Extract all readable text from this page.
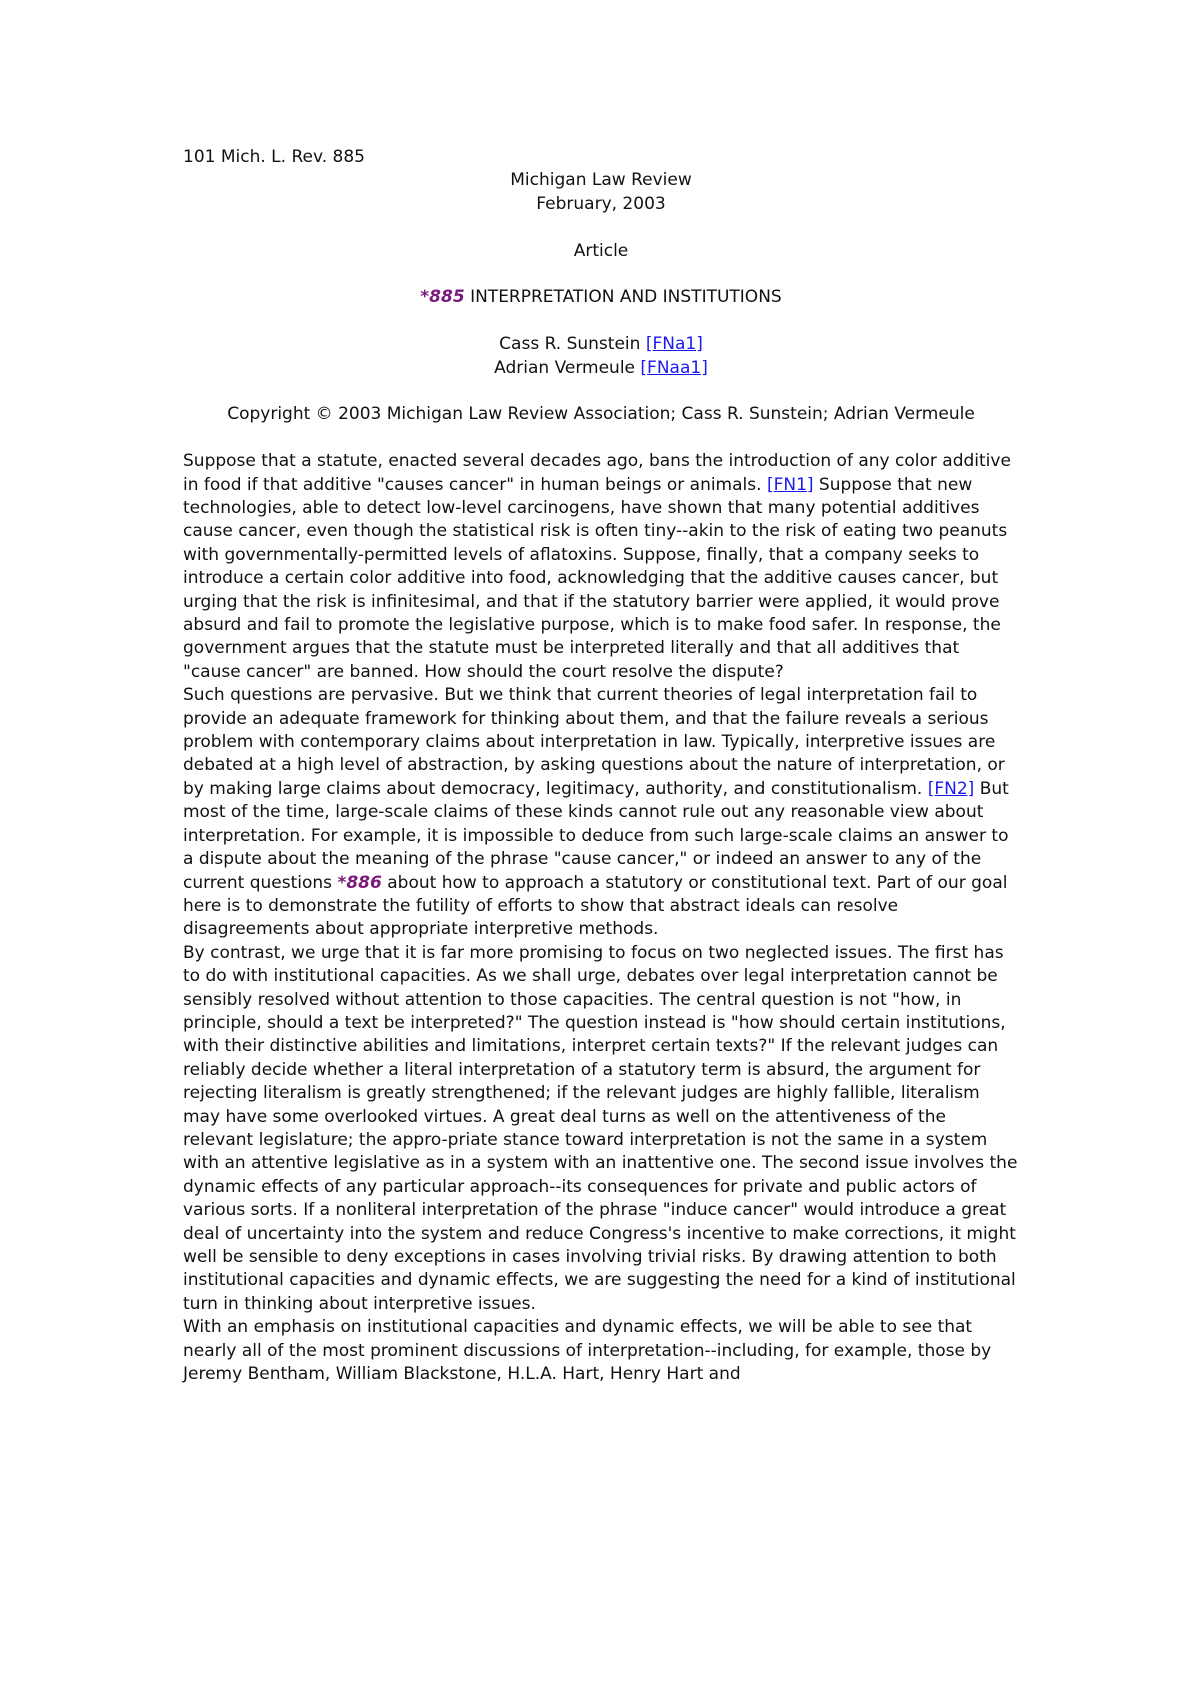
101 Mich. L. Rev. 885
Michigan Law Review
February, 2003
Article
*885 INTERPRETATION AND INSTITUTIONS
Cass R. Sunstein [FNa1]
Adrian Vermeule [FNaa1]
Copyright © 2003 Michigan Law Review Association; Cass R. Sunstein; Adrian Vermeule

Suppose that a statute, enacted several decades ago, bans the introduction of any color additive in food if that additive "causes cancer" in human beings or animals. [FN1] Suppose that new technologies, able to detect low-level carcinogens, have shown that many potential additives cause cancer, even though the statistical risk is often tiny--akin to the risk of eating two peanuts with governmentally-permitted levels of aflatoxins. Suppose, finally, that a company seeks to introduce a certain color additive into food, acknowledging that the additive causes cancer, but urging that the risk is infinitesimal, and that if the statutory barrier were applied, it would prove absurd and fail to promote the legislative purpose, which is to make food safer. In response, the government argues that the statute must be interpreted literally and that all additives that "cause cancer" are banned. How should the court resolve the dispute?

Such questions are pervasive. But we think that current theories of legal interpretation fail to provide an adequate framework for thinking about them, and that the failure reveals a serious problem with contemporary claims about interpretation in law. Typically, interpretive issues are debated at a high level of abstraction, by asking questions about the nature of interpretation, or by making large claims about democracy, legitimacy, authority, and constitutionalism. [FN2] But most of the time, large-scale claims of these kinds cannot rule out any reasonable view about interpretation. For example, it is impossible to deduce from such large-scale claims an answer to a dispute about the meaning of the phrase "cause cancer," or indeed an answer to any of the current questions *886 about how to approach a statutory or constitutional text. Part of our goal here is to demonstrate the futility of efforts to show that abstract ideals can resolve disagreements about appropriate interpretive methods.

By contrast, we urge that it is far more promising to focus on two neglected issues. The first has to do with institutional capacities. As we shall urge, debates over legal interpretation cannot be sensibly resolved without attention to those capacities. The central question is not "how, in principle, should a text be interpreted?" The question instead is "how should certain institutions, with their distinctive abilities and limitations, interpret certain texts?" If the relevant judges can reliably decide whether a literal interpretation of a statutory term is absurd, the argument for rejecting literalism is greatly strengthened; if the relevant judges are highly fallible, literalism may have some overlooked virtues. A great deal turns as well on the attentiveness of the relevant legislature; the appro-priate stance toward interpretation is not the same in a system with an attentive legislative as in a system with an inattentive one. The second issue involves the dynamic effects of any particular approach--its consequences for private and public actors of various sorts. If a nonliteral interpretation of the phrase "induce cancer" would introduce a great deal of uncertainty into the system and reduce Congress's incentive to make corrections, it might well be sensible to deny exceptions in cases involving trivial risks. By drawing attention to both institutional capacities and dynamic effects, we are suggesting the need for a kind of institutional turn in thinking about interpretive issues.

With an emphasis on institutional capacities and dynamic effects, we will be able to see that nearly all of the most prominent discussions of interpretation--including, for example, those by Jeremy Bentham, William Blackstone, H.L.A. Hart, Henry Hart and
